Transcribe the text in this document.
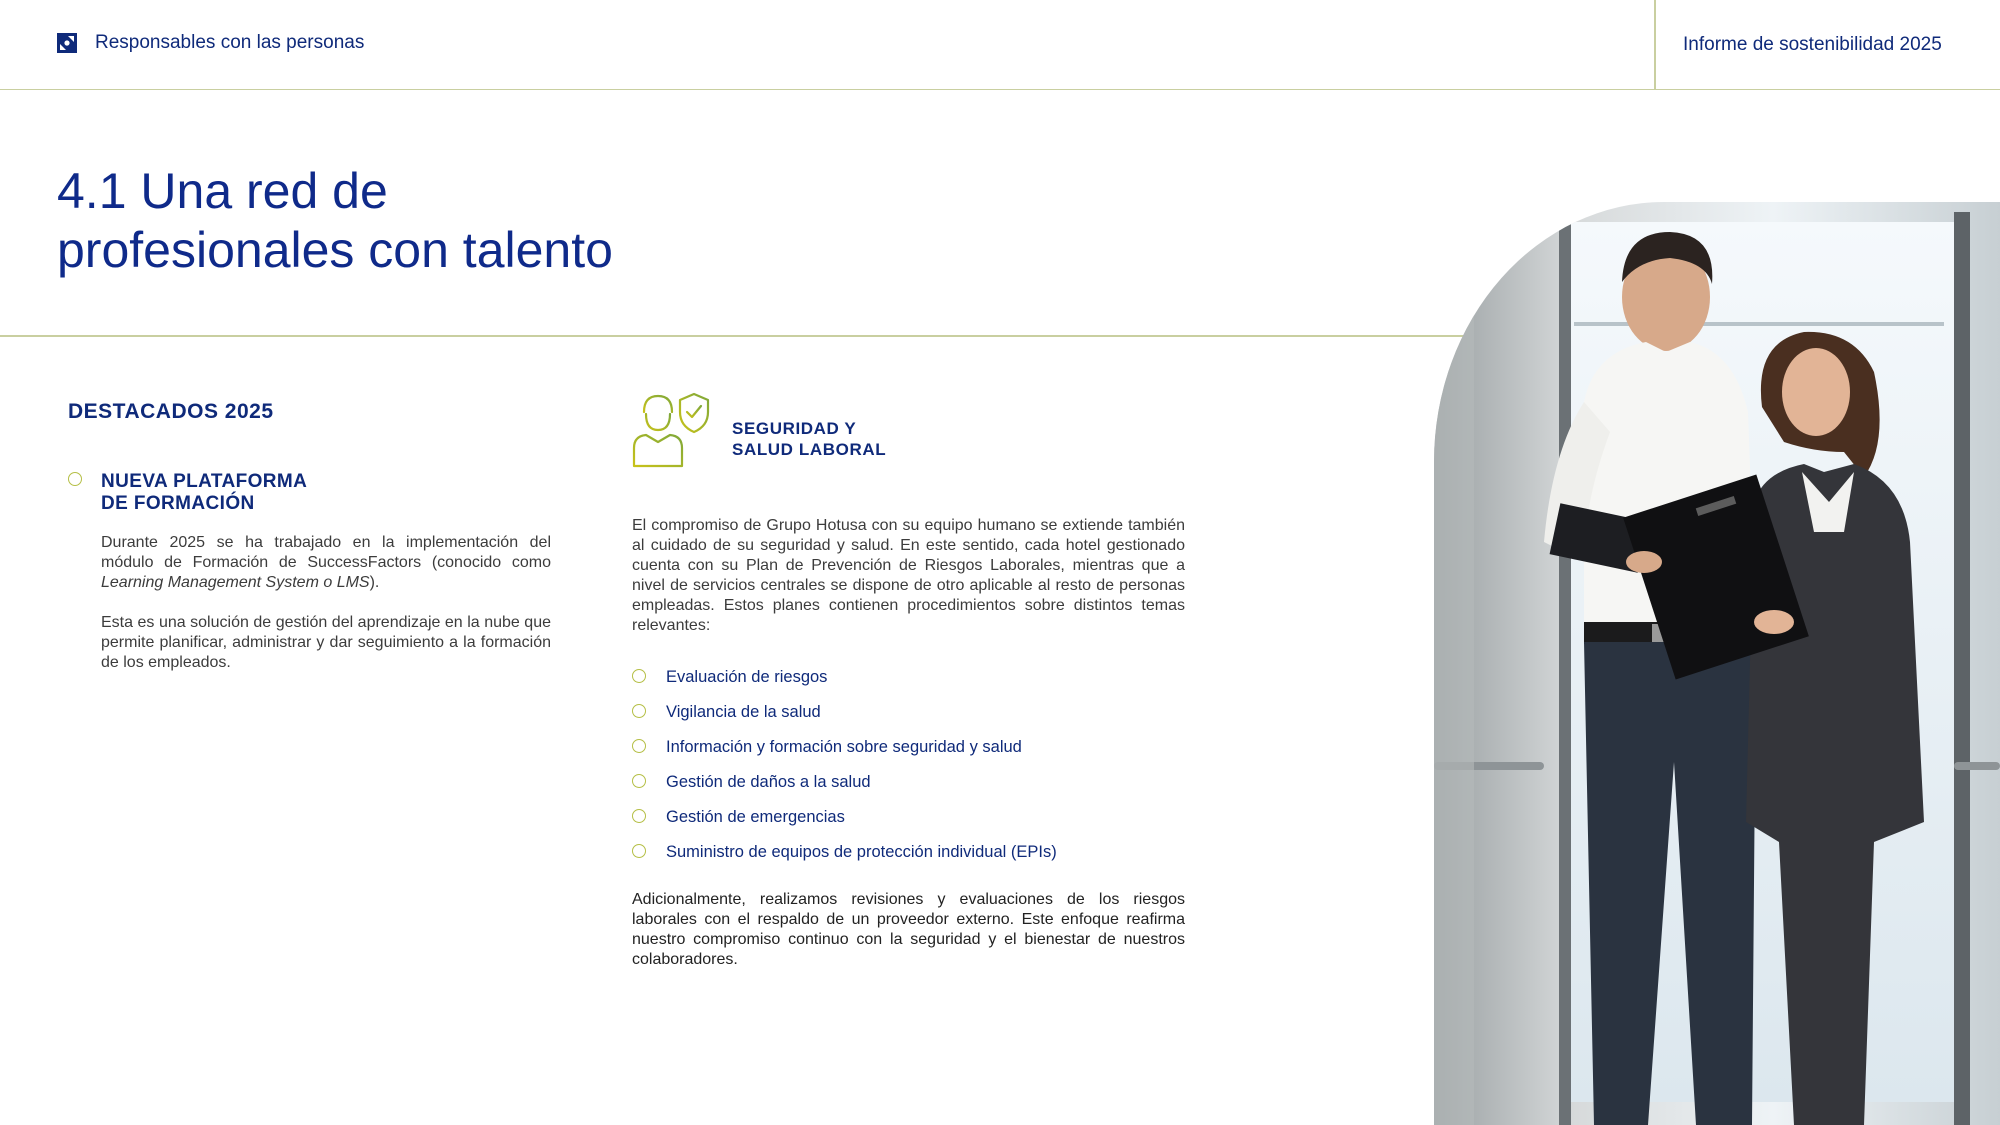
Responsables con las personas	Informe de sostenibilidad 2025
4.1 Una red de
profesionales con talento
DESTACADOS 2025
NUEVA PLATAFORMA
DE FORMACIÓN

Durante 2025 se ha trabajado en la implementación del módulo de Formación de SuccessFactors (conocido como Learning Management System o LMS).

Esta es una solución de gestión del aprendizaje en la nube que permite planificar, administrar y dar seguimiento a la formación de los empleados.

SEGURIDAD Y
SALUD LABORAL

El compromiso de Grupo Hotusa con su equipo humano se extiende también al cuidado de su seguridad y salud. En este sentido, cada hotel gestionado cuenta con su Plan de Prevención de Riesgos Laborales, mientras que a nivel de servicios centrales se dispone de otro aplicable al resto de personas empleadas. Estos planes contienen procedimientos sobre distintos temas relevantes:

Evaluación de riesgos
Vigilancia de la salud
Información y formación sobre seguridad y salud
Gestión de daños a la salud
Gestión de emergencias
Suministro de equipos de protección individual (EPIs)

Adicionalmente, realizamos revisiones y evaluaciones de los riesgos laborales con el respaldo de un proveedor externo. Este enfoque reafirma nuestro compromiso continuo con la seguridad y el bienestar de nuestros colaboradores.
